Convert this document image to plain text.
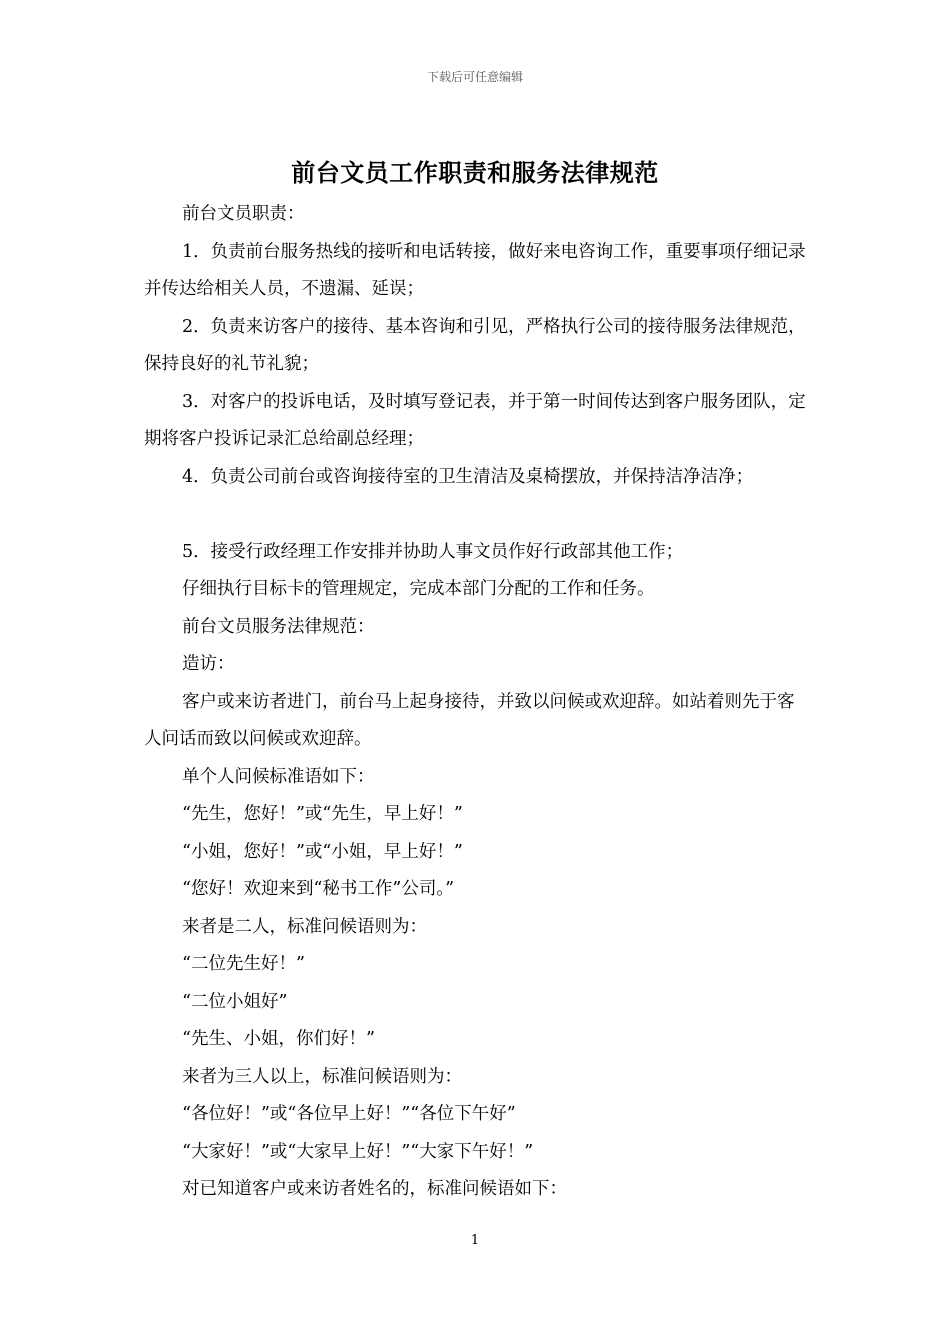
下载后可任意编辑
前台文员工作职责和服务法律规范

前台文员职责：

1．负责前台服务热线的接听和电话转接，做好来电咨询工作，重要事项仔细记录并传达给相关人员，不遗漏、延误；

2．负责来访客户的接待、基本咨询和引见，严格执行公司的接待服务法律规范，保持良好的礼节礼貌；

3．对客户的投诉电话，及时填写登记表，并于第一时间传达到客户服务团队，定期将客户投诉记录汇总给副总经理；

4．负责公司前台或咨询接待室的卫生清洁及桌椅摆放，并保持洁净洁净；

5．接受行政经理工作安排并协助人事文员作好行政部其他工作；

仔细执行目标卡的管理规定，完成本部门分配的工作和任务。

前台文员服务法律规范：

造访：

客户或来访者进门，前台马上起身接待，并致以问候或欢迎辞。如站着则先于客人问话而致以问候或欢迎辞。

单个人问候标准语如下：

“先生，您好！”或“先生，早上好！”

“小姐，您好！”或“小姐，早上好！”

“您好！欢迎来到“秘书工作”公司。”

来者是二人，标准问候语则为：

“二位先生好！”

“二位小姐好”

“先生、小姐，你们好！”

来者为三人以上，标准问候语则为：

“各位好！”或“各位早上好！”“各位下午好”

“大家好！”或“大家早上好！”“大家下午好！”

对已知道客户或来访者姓名的，标准问候语如下：

1
